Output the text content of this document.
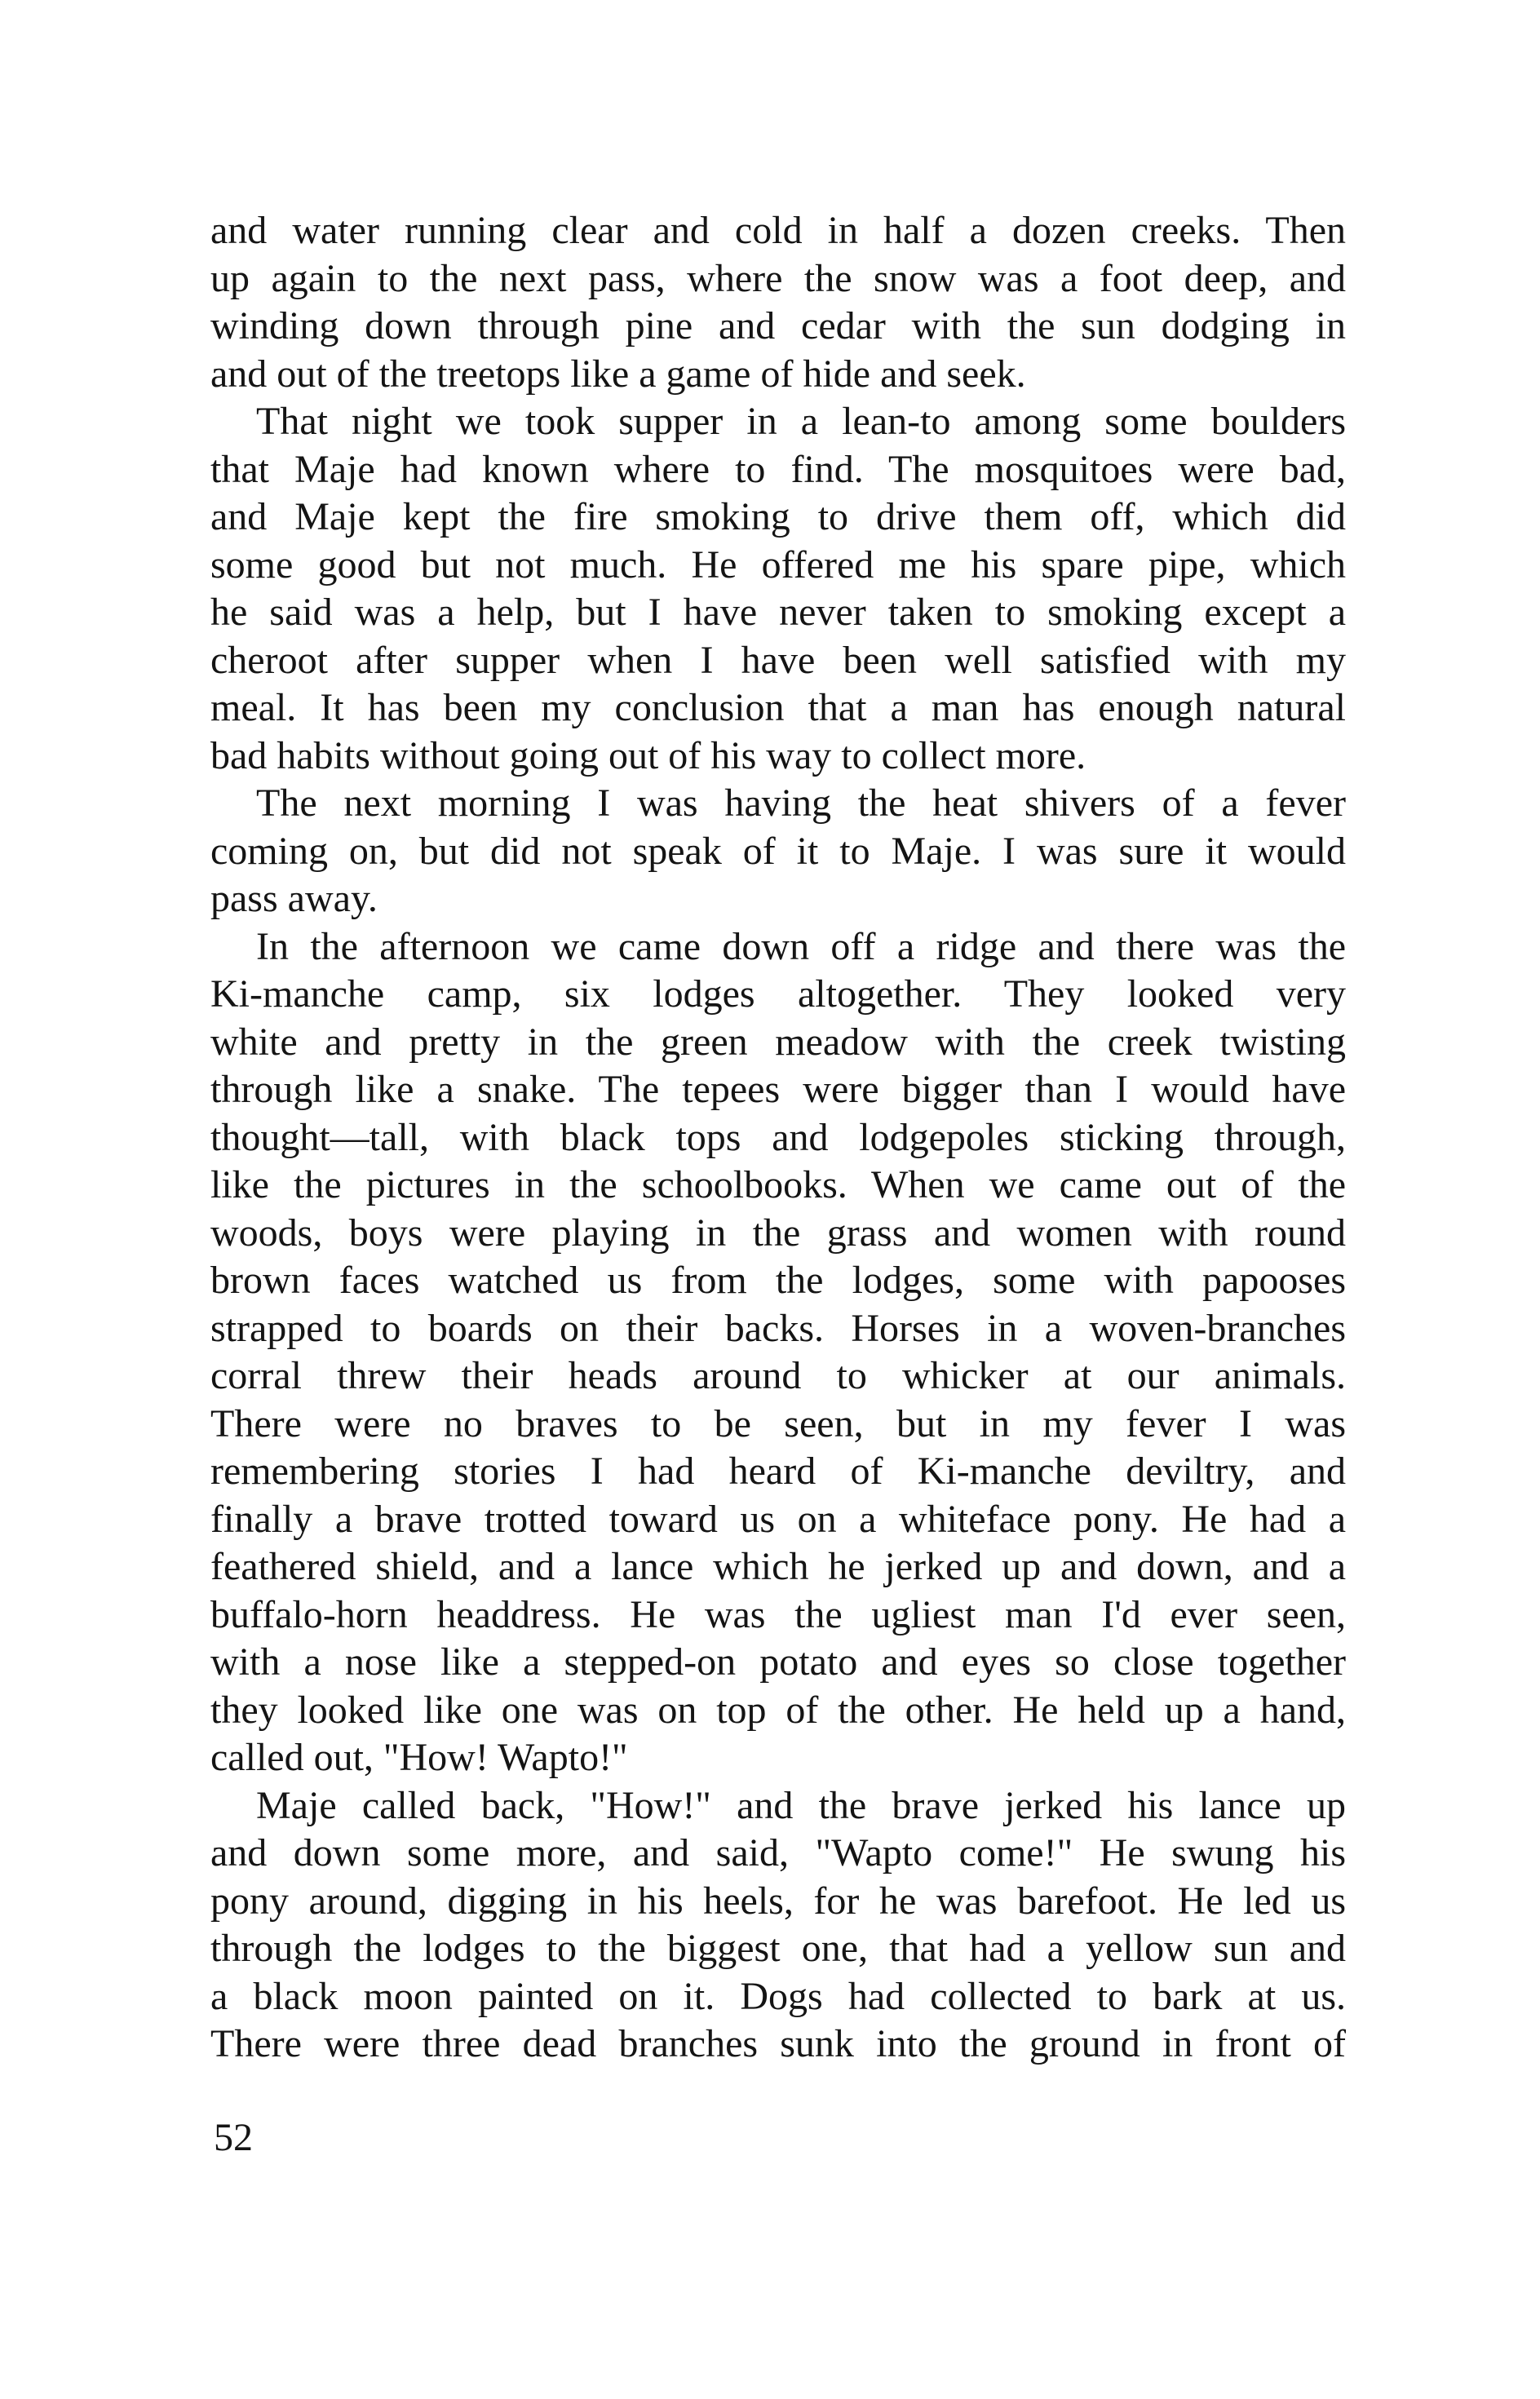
and water running clear and cold in half a dozen creeks. Then
up again to the next pass, where the snow was a foot deep, and
winding down through pine and cedar with the sun dodging in
and out of the treetops like a game of hide and seek.
That night we took supper in a lean-to among some boulders
that Maje had known where to find. The mosquitoes were bad,
and Maje kept the fire smoking to drive them off, which did
some good but not much. He offered me his spare pipe, which
he said was a help, but I have never taken to smoking except a
cheroot after supper when I have been well satisfied with my
meal. It has been my conclusion that a man has enough natural
bad habits without going out of his way to collect more.
The next morning I was having the heat shivers of a fever
coming on, but did not speak of it to Maje. I was sure it would
pass away.
In the afternoon we came down off a ridge and there was the
Ki-manche camp, six lodges altogether. They looked very
white and pretty in the green meadow with the creek twisting
through like a snake. The tepees were bigger than I would have
thought—tall, with black tops and lodgepoles sticking through,
like the pictures in the schoolbooks. When we came out of the
woods, boys were playing in the grass and women with round
brown faces watched us from the lodges, some with papooses
strapped to boards on their backs. Horses in a woven-branches
corral threw their heads around to whicker at our animals.
There were no braves to be seen, but in my fever I was
remembering stories I had heard of Ki-manche deviltry, and
finally a brave trotted toward us on a whiteface pony. He had a
feathered shield, and a lance which he jerked up and down, and a
buffalo-horn headdress. He was the ugliest man I'd ever seen,
with a nose like a stepped-on potato and eyes so close together
they looked like one was on top of the other. He held up a hand,
called out, "How! Wapto!"
Maje called back, "How!" and the brave jerked his lance up
and down some more, and said, "Wapto come!" He swung his
pony around, digging in his heels, for he was barefoot. He led us
through the lodges to the biggest one, that had a yellow sun and
a black moon painted on it. Dogs had collected to bark at us.
There were three dead branches sunk into the ground in front of
52
